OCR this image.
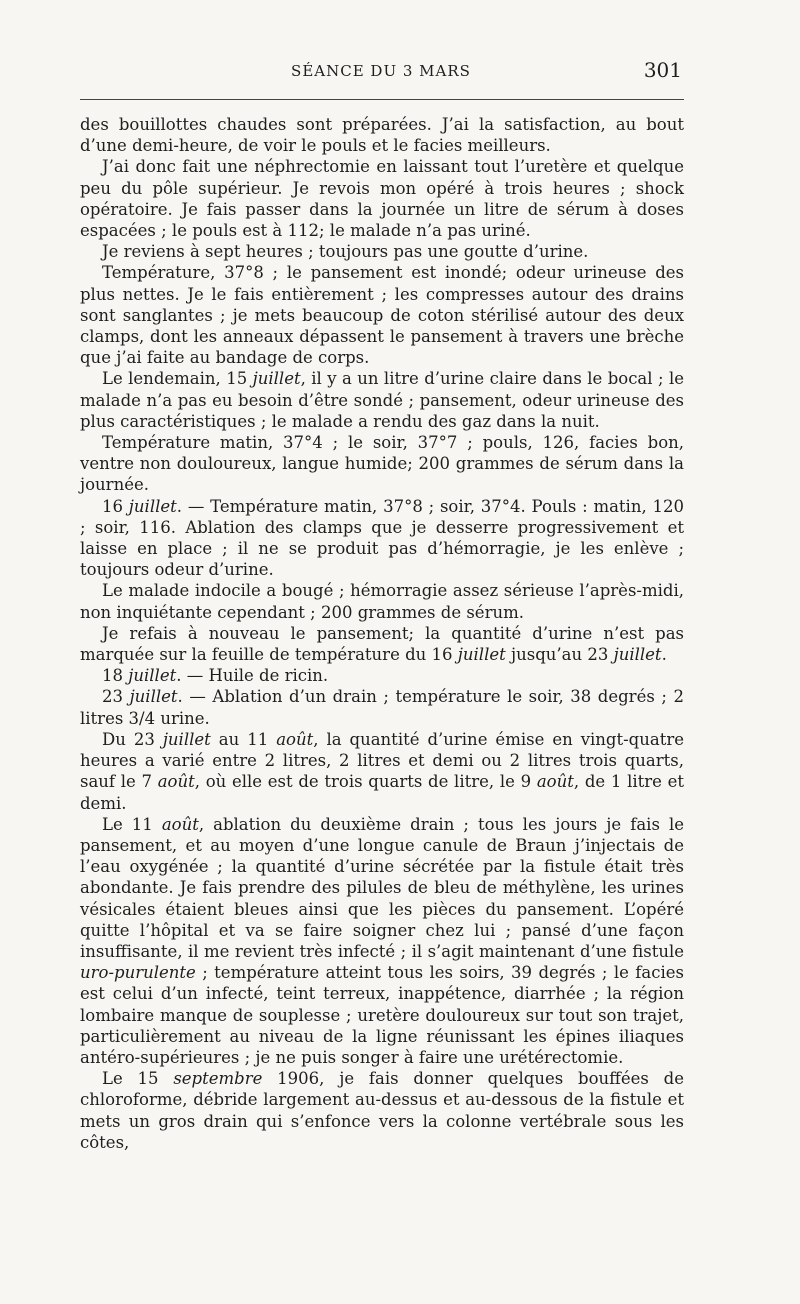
SÉANCE DU 3 MARS	301

des bouillottes chaudes sont préparées. J’ai la satisfaction, au bout d’une demi-heure, de voir le pouls et le facies meilleurs.

J’ai donc fait une néphrectomie en laissant tout l’uretère et quelque peu du pôle supérieur. Je revois mon opéré à trois heures ; shock opératoire. Je fais passer dans la journée un litre de sérum à doses espacées ; le pouls est à 112; le malade n’a pas uriné.

Je reviens à sept heures ; toujours pas une goutte d’urine.

Température, 37°8 ; le pansement est inondé; odeur urineuse des plus nettes. Je le fais entièrement ; les compresses autour des drains sont sanglantes ; je mets beaucoup de coton stérilisé autour des deux clamps, dont les anneaux dépassent le pansement à travers une brèche que j’ai faite au bandage de corps.

Le lendemain, 15 juillet, il y a un litre d’urine claire dans le bocal ; le malade n’a pas eu besoin d’être sondé ; pansement, odeur urineuse des plus caractéristiques ; le malade a rendu des gaz dans la nuit.

Température matin, 37°4 ; le soir, 37°7 ; pouls, 126, facies bon, ventre non douloureux, langue humide; 200 grammes de sérum dans la journée.

16 juillet. — Température matin, 37°8 ; soir, 37°4. Pouls : matin, 120 ; soir, 116. Ablation des clamps que je desserre progressivement et laisse en place ; il ne se produit pas d’hémorragie, je les enlève ; toujours odeur d’urine.

Le malade indocile a bougé ; hémorragie assez sérieuse l’après-midi, non inquiétante cependant ; 200 grammes de sérum.

Je refais à nouveau le pansement; la quantité d’urine n’est pas marquée sur la feuille de température du 16 juillet jusqu’au 23 juillet.

18 juillet. — Huile de ricin.

23 juillet. — Ablation d’un drain ; température le soir, 38 degrés ; 2 litres 3/4 urine.

Du 23 juillet au 11 août, la quantité d’urine émise en vingt-quatre heures a varié entre 2 litres, 2 litres et demi ou 2 litres trois quarts, sauf le 7 août, où elle est de trois quarts de litre, le 9 août, de 1 litre et demi.

Le 11 août, ablation du deuxième drain ; tous les jours je fais le pansement, et au moyen d’une longue canule de Braun j’injectais de l’eau oxygénée ; la quantité d’urine sécrétée par la fistule était très abondante. Je fais prendre des pilules de bleu de méthylène, les urines vésicales étaient bleues ainsi que les pièces du pansement. L’opéré quitte l’hôpital et va se faire soigner chez lui ; pansé d’une façon insuffisante, il me revient très infecté ; il s’agit maintenant d’une fistule uro-purulente ; température atteint tous les soirs, 39 degrés ; le facies est celui d’un infecté, teint terreux, inappétence, diarrhée ; la région lombaire manque de souplesse ; uretère douloureux sur tout son trajet, particulièrement au niveau de la ligne réunissant les épines iliaques antéro-supérieures ; je ne puis songer à faire une urétérectomie.

Le 15 septembre 1906, je fais donner quelques bouffées de chloroforme, débride largement au-dessus et au-dessous de la fistule et mets un gros drain qui s’enfonce vers la colonne vertébrale sous les côtes,
